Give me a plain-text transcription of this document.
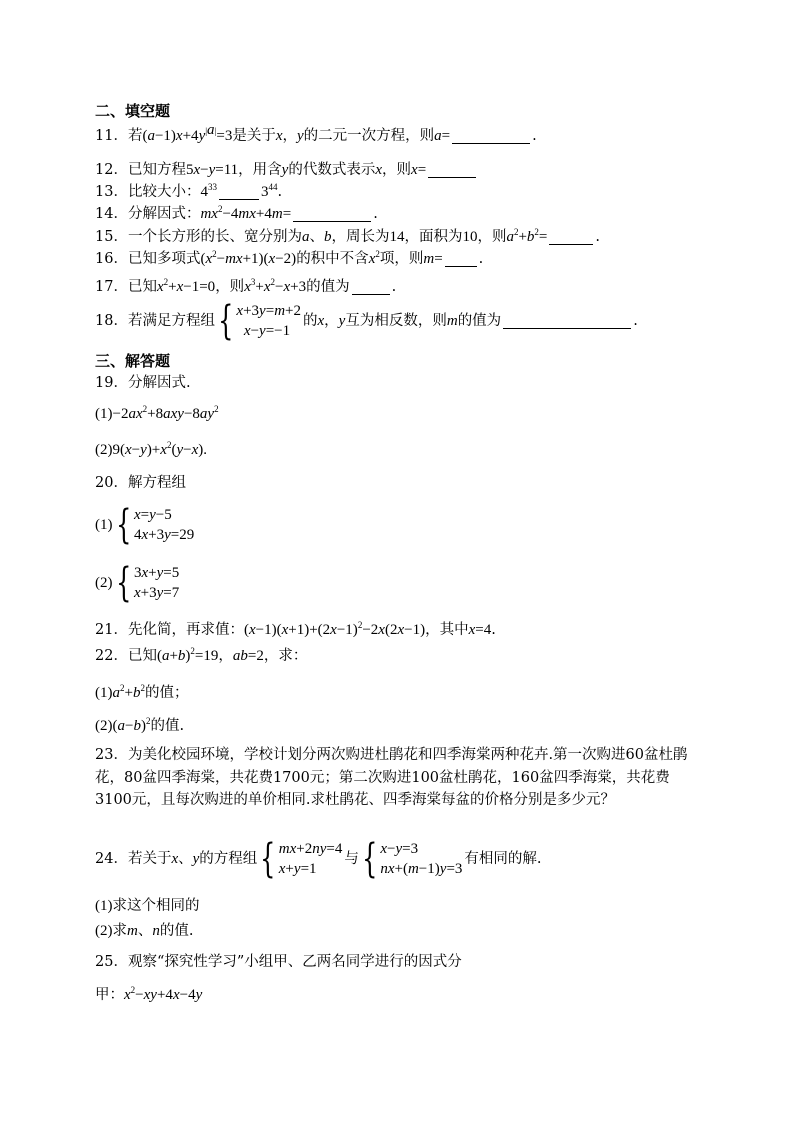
二、填空题
11． 若 $(a-1)x+4y^{|a|}=3$ 是关于 x ， y 的二元一次方程，则 a =	.
12． 已知方程 5x−y=11 ，用含 y 的代数式表示 x ，则 x =
13． 比较大小： $4^{33}$	$3^{44}$ .
14． 分解因式： $mx^2-4mx+4m=$	.
15． 一个长方形的长、宽分别为 a 、 b ，周长为 14 ，面积为 10 ，则 $a^2+b^2=$	.
16． 已知多项式 $(x^2-mx+1)(x-2)$ 的积中不含 $x^2$ 项，则 m = .
17． 已知 $x^2+x-1=0$ ，则 $x^3+x^2-x+3$ 的值为	.
18． 若满足方程组 { x+3y=m+2
x−y=−1
的 x ， y 互为相反数，则 m 的值为	.
三、解答题
19． 分解因式.
$(1) -2ax^2+8axy-8ay^2$
(2) $9(x-y)+x^2(y-x)$.
20． 解方程组
(1) { x=y−5
4x+3y=29
(2) { 3x+y=5
x+3y=7
21． 先化简，再求值： $(x-1)(x+1)+(2x-1)^2-2x(2x-1)$ ，其中 x=4 .
22． 已知 $(a+b)^2=19$ ， ab=2 ，求：
(1) $a^2+b^2$ 的值；
(2) $(a-b)^2$ 的值.
23．为美化校园环境，学校计划分两次购进杜鹃花和四季海棠两种花卉.第一次购进60盆杜鹃花，80盆四季海棠，共花费1700元；第二次购进100盆杜鹃花，160盆四季海棠，共花费3100元，且每次购进的单价相同.求杜鹃花、四季海棠每盆的价格分别是多少元？
24． 若关于 x 、 y 的方程组 { mx+2ny=4
x+y=1
与 { x−y=3
nx+(m−1)y=3
有相同的解.
(1) 求这个相同的
(2) 求 m 、 n 的值.
25． 观察“探究性学习”小组甲、乙两名同学进行的因式分
甲： $x^2-xy+4x-4y$
